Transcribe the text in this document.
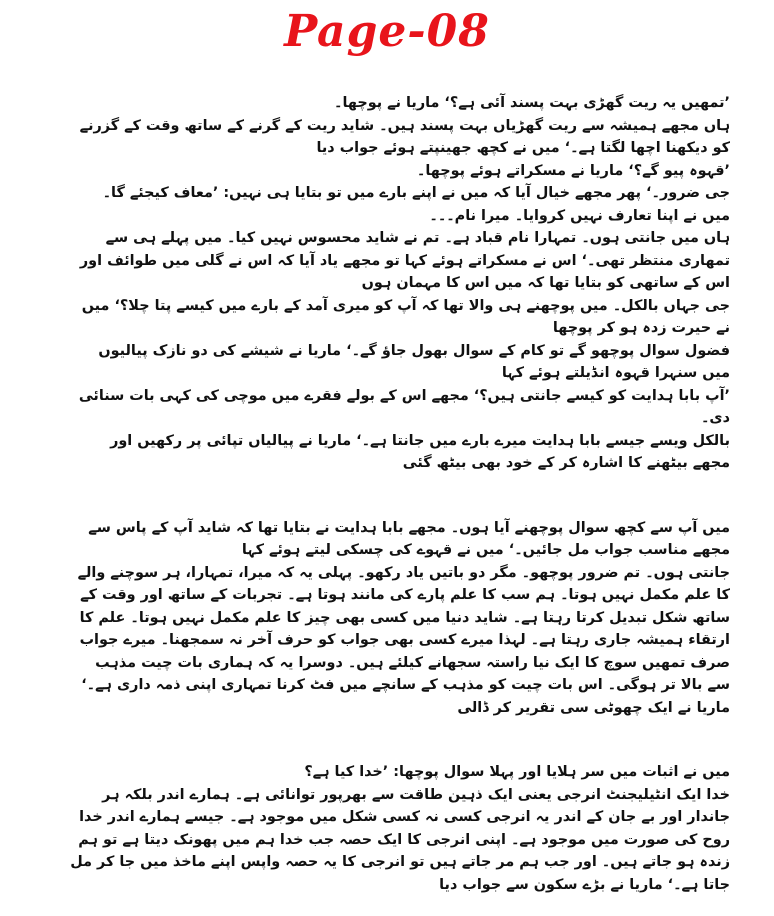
Page-08

’تمھیں یہ ریت گھڑی بہت پسند آئی ہے؟‘ ماریا نے پوچھا۔

ہاں مجھے ہمیشہ سے ریت گھڑیاں بہت پسند ہیں۔ شاید ریت کے گرنے کے ساتھ وقت کے گزرنے کو دیکھنا اچھا لگتا ہے۔‘ میں نے کچھ جھینپتے ہوئے جواب دیا

’قہوہ پیو گے؟‘ ماریا نے مسکراتے ہوئے پوچھا۔

جی ضرور۔‘ پھر مجھے خیال آیا کہ میں نے اپنے بارے میں تو بتایا ہی نہیں: ’معاف کیجئے گا۔ میں نے اپنا تعارف نہیں کروایا۔ میرا نام۔۔۔

ہاں میں جانتی ہوں۔ تمہارا نام قباد ہے۔ تم نے شاید محسوس نہیں کیا۔ میں پہلے ہی سے تمھاری منتظر تھی۔‘ اس نے مسکراتے ہوئے کہا تو مجھے یاد آیا کہ اس نے گلی میں طوائف اور اس کے ساتھی کو بتایا تھا کہ میں اس کا مہمان ہوں

جی جہاں بالکل۔ میں پوچھنے ہی والا تھا کہ آپ کو میری آمد کے بارے میں کیسے پتا چلا؟‘ میں نے حیرت زدہ ہو کر پوچھا

فضول سوال پوچھو گے تو کام کے سوال بھول جاؤ گے۔‘ ماریا نے شیشے کی دو نازک پیالیوں میں سنہرا قہوہ انڈیلتے ہوئے کہا

’آپ بابا ہدایت کو کیسے جانتی ہیں؟‘ مجھے اس کے بولے فقرے میں موچی کی کہی بات سنائی دی۔

بالکل ویسے جیسے بابا ہدایت میرے بارے میں جانتا ہے۔‘ ماریا نے پیالیاں تپائی پر رکھیں اور مجھے بیٹھنے کا اشارہ کر کے خود بھی بیٹھ گئی

میں آپ سے کچھ سوال پوچھنے آیا ہوں۔ مجھے بابا ہدایت نے بتایا تھا کہ شاید آپ کے پاس سے مجھے مناسب جواب مل جائیں۔‘ میں نے قہوے کی چسکی لیتے ہوئے کہا

جانتی ہوں۔ تم ضرور پوچھو۔ مگر دو باتیں یاد رکھو۔ پہلی یہ کہ میرا، تمہارا، ہر سوچنے والے کا علم مکمل نہیں ہوتا۔ ہم سب کا علم پارے کی مانند ہوتا ہے۔ تجربات کے ساتھ اور وقت کے ساتھ شکل تبدیل کرتا رہتا ہے۔ شاید دنیا میں کسی بھی چیز کا علم مکمل نہیں ہوتا۔ علم کا ارتقاء ہمیشہ جاری رہتا ہے۔ لہذا میرے کسی بھی جواب کو حرف آخر نہ سمجھنا۔ میرے جواب صرف تمھیں سوچ کا ایک نیا راستہ سجھانے کیلئے ہیں۔ دوسرا یہ کہ ہماری بات چیت مذہب سے بالا تر ہوگی۔ اس بات چیت کو مذہب کے سانچے میں فٹ کرنا تمہاری اپنی ذمہ داری ہے۔‘ ماریا نے ایک چھوٹی سی تقریر کر ڈالی

میں نے اثبات میں سر ہلایا اور پہلا سوال پوچھا: ’خدا کیا ہے؟

خدا ایک انٹیلیجنٹ انرجی یعنی ایک ذہین طاقت سے بھرپور توانائی ہے۔ ہمارے اندر بلکہ ہر جاندار اور بے جان کے اندر یہ انرجی کسی نہ کسی شکل میں موجود ہے۔ جیسے ہمارے اندر خدا روح کی صورت میں موجود ہے۔ اپنی انرجی کا ایک حصہ جب خدا ہم میں پھونک دیتا ہے تو ہم زندہ ہو جاتے ہیں۔ اور جب ہم مر جاتے ہیں تو انرجی کا یہ حصہ واپس اپنے ماخذ میں جا کر مل جاتا ہے۔‘ ماریا نے بڑے سکون سے جواب دیا
